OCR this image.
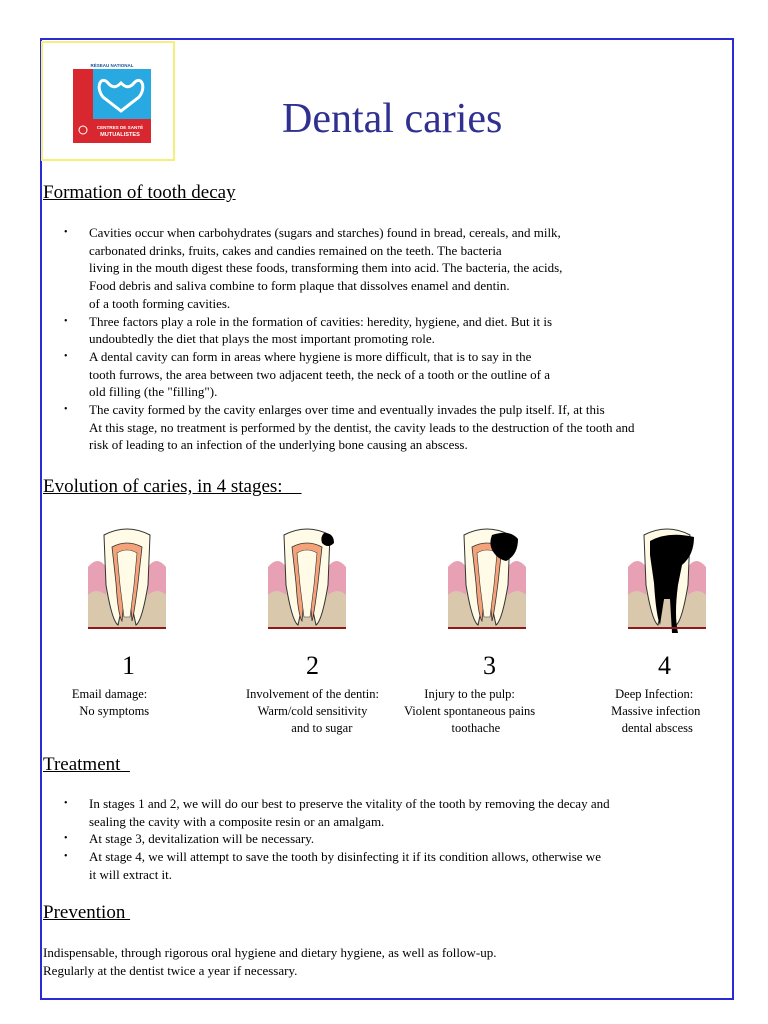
RÉSEAU NATIONAL
CENTRES DE SANTÉ
MUTUALISTES	Dental caries
Formation of tooth decay
• Cavities occur when carbohydrates (sugars and starches) found in bread, cereals, and milk,
carbonated drinks, fruits, cakes and candies remained on the teeth. The bacteria
living in the mouth digest these foods, transforming them into acid. The bacteria, the acids,
Food debris and saliva combine to form plaque that dissolves enamel and dentin.
of a tooth forming cavities.
• Three factors play a role in the formation of cavities: heredity, hygiene, and diet. But it is
undoubtedly the diet that plays the most important promoting role.
• A dental cavity can form in areas where hygiene is more difficult, that is to say in the
tooth furrows, the area between two adjacent teeth, the neck of a tooth or the outline of a
old filling (the "filling").
• The cavity formed by the cavity enlarges over time and eventually invades the pulp itself. If, at this
At this stage, no treatment is performed by the dentist, the cavity leads to the destruction of the tooth and
risk of leading to an infection of the underlying bone causing an abscess.
Evolution of caries, in 4 stages:
1
Email damage:
No symptoms
2
Involvement of the dentin:
Warm/cold sensitivity
and to sugar
3
Injury to the pulp:
Violent spontaneous pains
toothache
4
Deep Infection:
Massive infection
dental abscess
Treatment
• In stages 1 and 2, we will do our best to preserve the vitality of the tooth by removing the decay and
sealing the cavity with a composite resin or an amalgam.
• At stage 3, devitalization will be necessary.
• At stage 4, we will attempt to save the tooth by disinfecting it if its condition allows, otherwise we
it will extract it.
Prevention

Indispensable, through rigorous oral hygiene and dietary hygiene, as well as follow-up.
Regularly at the dentist twice a year if necessary.
